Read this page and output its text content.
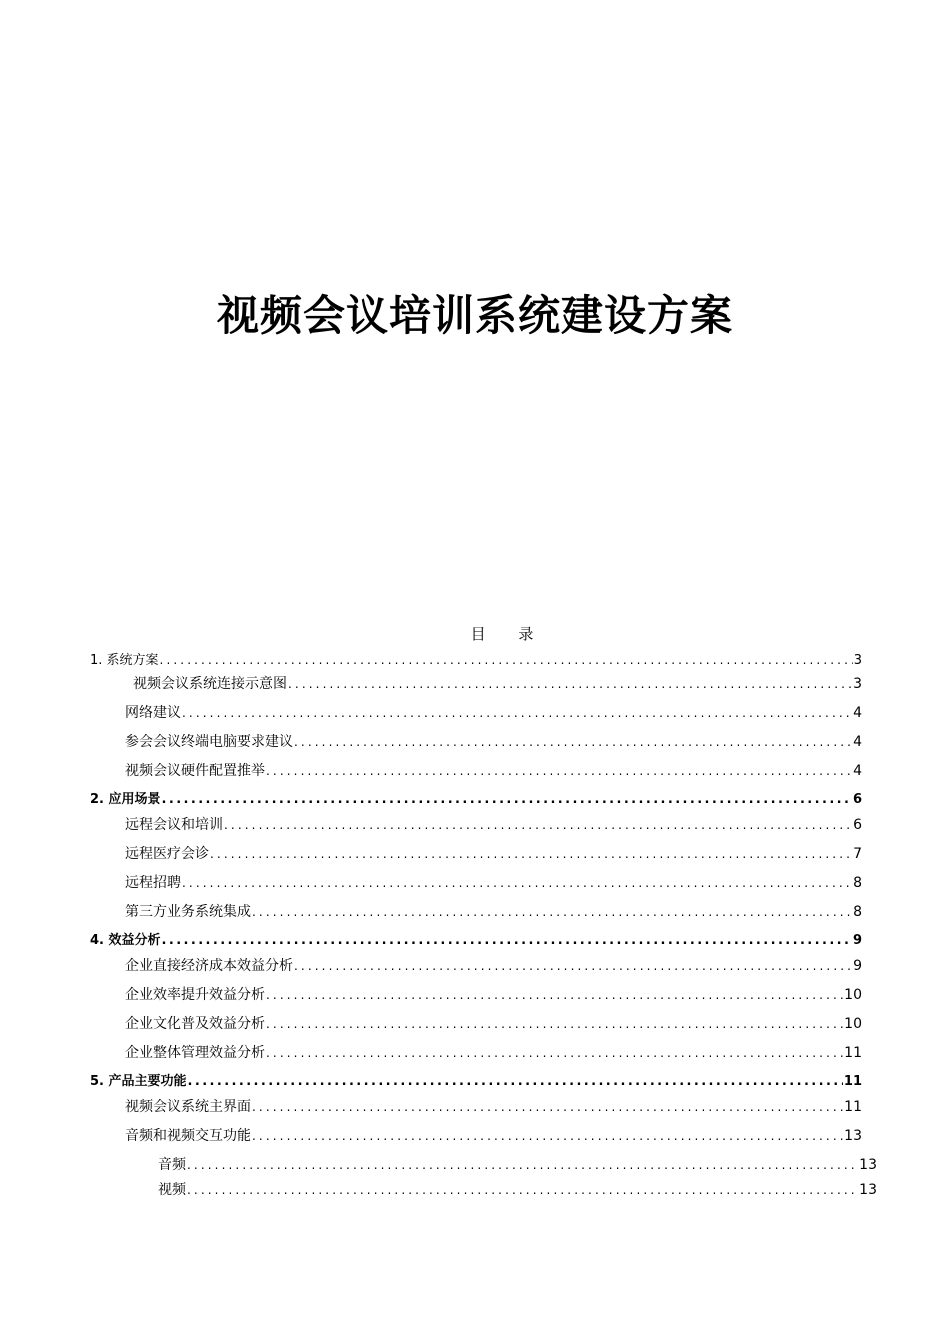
视频会议培训系统建设方案
目 录
1. 系统方案 .....	3
视频会议系统连接示意图 .....	3
网络建议 .....	4
参会会议终端电脑要求建议 .....	4
视频会议硬件配置推举 .....	4
2. 应用场景 .....	6
远程会议和培训 .....	6
远程医疗会诊 .....	7
远程招聘 .....	8
第三方业务系统集成 .....	8
4. 效益分析 .....	9
企业直接经济成本效益分析 .....	9
企业效率提升效益分析 .....	10
企业文化普及效益分析 .....	10
企业整体管理效益分析 .....	11
5. 产品主要功能 .....	11
视频会议系统主界面 .....	11
音频和视频交互功能 .....	13
音频 .....	13
视频 .....	13
